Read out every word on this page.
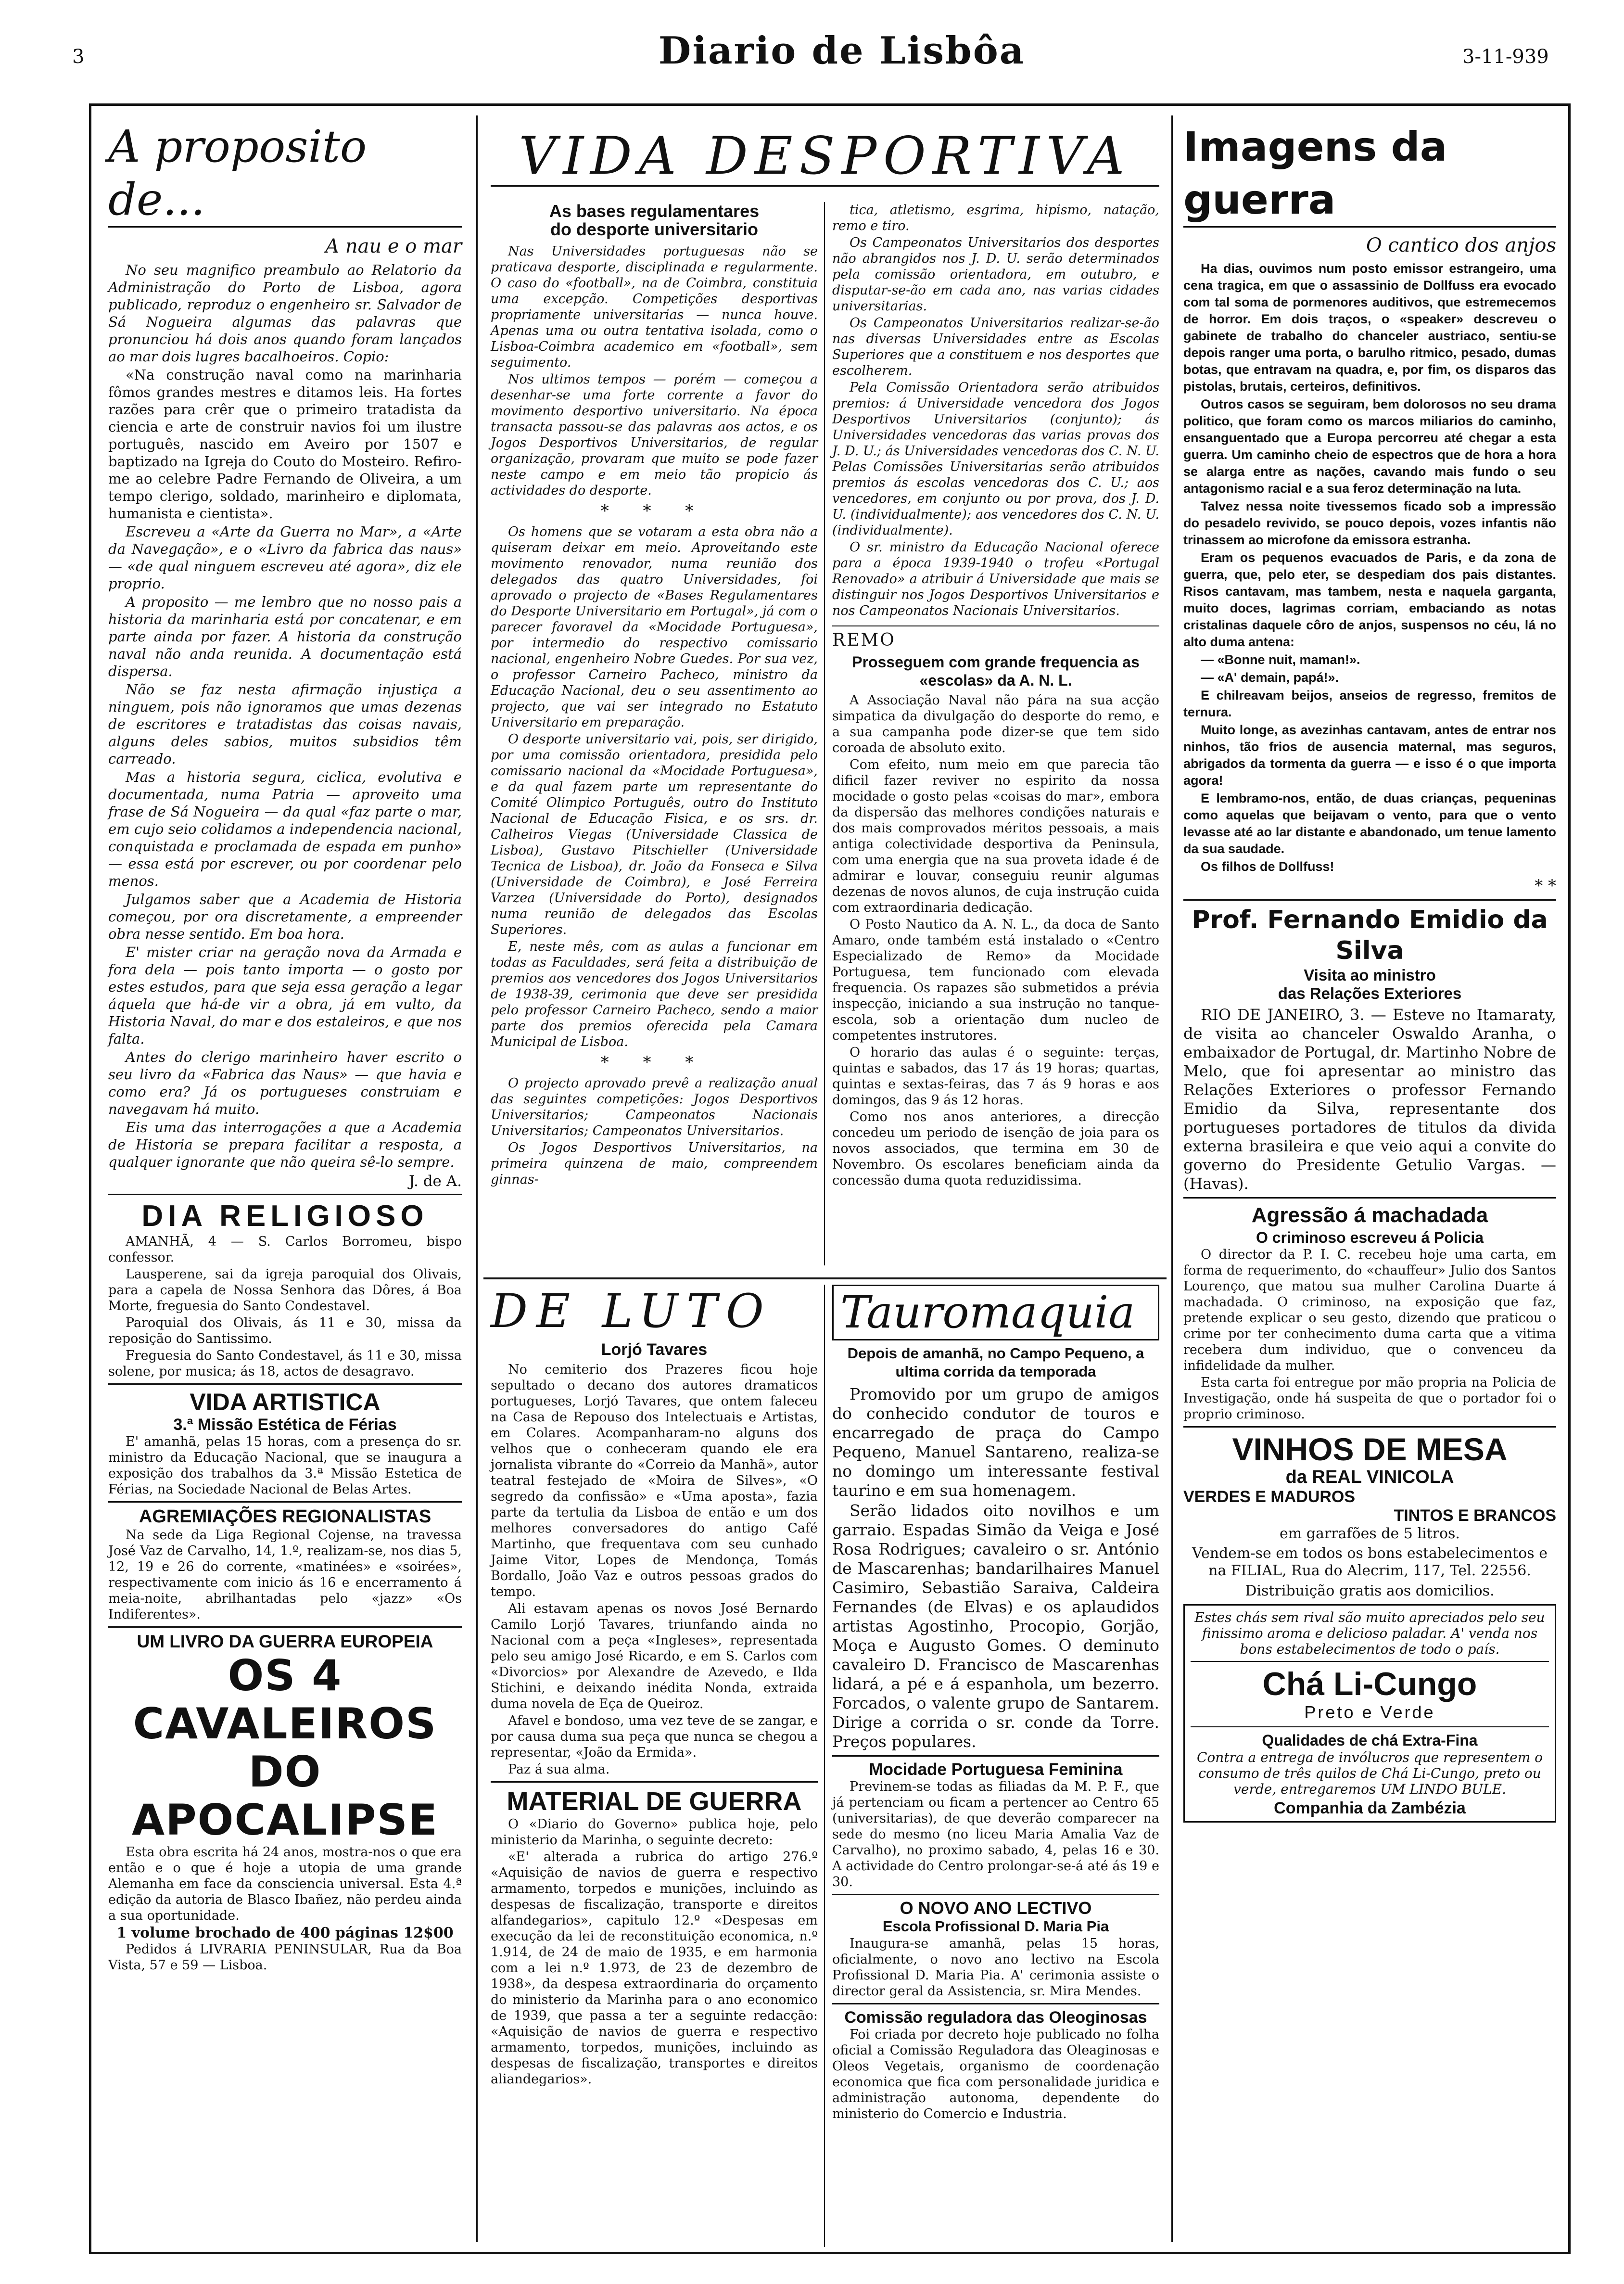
3	Diario de Lisbôa	3-11-939
A proposito de...
A nau e o mar

No seu magnifico preambulo ao Relatorio da Administração do Porto de Lisboa, agora publicado, reproduz o engenheiro sr. Salvador de Sá Nogueira algumas das palavras que pronunciou há dois anos quando foram lançados ao mar dois lugres bacalhoeiros. Copio:

«Na construção naval como na marinharia fômos grandes mestres e ditamos leis. Ha fortes razões para crêr que o primeiro tratadista da ciencia e arte de construir navios foi um ilustre português, nascido em Aveiro por 1507 e baptizado na Igreja do Couto do Mosteiro. Refiro-me ao celebre Padre Fernando de Oliveira, a um tempo clerigo, soldado, marinheiro e diplomata, humanista e cientista».

Escreveu a «Arte da Guerra no Mar», a «Arte da Navegação», e o «Livro da fabrica das naus» — «de qual ninguem escreveu até agora», diz ele proprio.

A proposito — me lembro que no nosso pais a historia da marinharia está por concatenar, e em parte ainda por fazer. A historia da construção naval não anda reunida. A documentação está dispersa.

Não se faz nesta afirmação injustiça a ninguem, pois não ignoramos que umas dezenas de escritores e tratadistas das coisas navais, alguns deles sabios, muitos subsidios têm carreado.

Mas a historia segura, ciclica, evolutiva e documentada, numa Patria — aproveito uma frase de Sá Nogueira — da qual «faz parte o mar, em cujo seio colidamos a independencia nacional, conquistada e proclamada de espada em punho» — essa está por escrever, ou por coordenar pelo menos.

Julgamos saber que a Academia de Historia começou, por ora discretamente, a empreender obra nesse sentido. Em boa hora.

E' mister criar na geração nova da Armada e fora dela — pois tanto importa — o gosto por estes estudos, para que seja essa geração a legar áquela que há-de vir a obra, já em vulto, da Historia Naval, do mar e dos estaleiros, e que nos falta.

Antes do clerigo marinheiro haver escrito o seu livro da «Fabrica das Naus» — que havia e como era? Já os portugueses construiam e navegavam há muito.

Eis uma das interrogações a que a Academia de Historia se prepara facilitar a resposta, a qualquer ignorante que não queira sê-lo sempre.

J. de A.
DIA RELIGIOSO

AMANHÃ, 4 — S. Carlos Borromeu, bispo confessor.

Lausperene, sai da igreja paroquial dos Olivais, para a capela de Nossa Senhora das Dôres, á Boa Morte, freguesia do Santo Condestavel.

Paroquial dos Olivais, ás 11 e 30, missa da reposição do Santissimo.

Freguesia do Santo Condestavel, ás 11 e 30, missa solene, por musica; ás 18, actos de desagravo.

VIDA ARTISTICA
3.ª Missão Estética de Férias

E' amanhã, pelas 15 horas, com a presença do sr. ministro da Educação Nacional, que se inaugura a exposição dos trabalhos da 3.ª Missão Estetica de Férias, na Sociedade Nacional de Belas Artes.

AGREMIAÇÕES REGIONALISTAS

Na sede da Liga Regional Cojense, na travessa José Vaz de Carvalho, 14, 1.º, realizam-se, nos dias 5, 12, 19 e 26 do corrente, «matinées» e «soirées», respectivamente com inicio ás 16 e encerramento á meia-noite, abrilhantadas pelo «jazz» «Os Indiferentes».

UM LIVRO DA GUERRA EUROPEIA
OS 4 CAVALEIROS
DO APOCALIPSE

Esta obra escrita há 24 anos, mostra-nos o que era então e o que é hoje a utopia de uma grande Alemanha em face da consciencia universal. Esta 4.ª edição da autoria de Blasco Ibañez, não perdeu ainda a sua oportunidade.

1 volume brochado de 400 páginas 12$00

Pedidos á LIVRARIA PENINSULAR, Rua da Boa Vista, 57 e 59 — Lisboa.

VIDA DESPORTIVA
As bases regulamentares
do desporte universitario

Nas Universidades portuguesas não se praticava desporte, disciplinada e regularmente. O caso do «football», na de Coimbra, constituia uma excepção. Competições desportivas propriamente universitarias — nunca houve. Apenas uma ou outra tentativa isolada, como o Lisboa-Coimbra academico em «football», sem seguimento.

Nos ultimos tempos — porém — começou a desenhar-se uma forte corrente a favor do movimento desportivo universitario. Na época transacta passou-se das palavras aos actos, e os Jogos Desportivos Universitarios, de regular organização, provaram que muito se pode fazer neste campo e em meio tão propicio ás actividades do desporte.

* * *

Os homens que se votaram a esta obra não a quiseram deixar em meio. Aproveitando este movimento renovador, numa reunião dos delegados das quatro Universidades, foi aprovado o projecto de «Bases Regulamentares do Desporte Universitario em Portugal», já com o parecer favoravel da «Mocidade Portuguesa», por intermedio do respectivo comissario nacional, engenheiro Nobre Guedes. Por sua vez, o professor Carneiro Pacheco, ministro da Educação Nacional, deu o seu assentimento ao projecto, que vai ser integrado no Estatuto Universitario em preparação.

O desporte universitario vai, pois, ser dirigido, por uma comissão orientadora, presidida pelo comissario nacional da «Mocidade Portuguesa», e da qual fazem parte um representante do Comité Olimpico Português, outro do Instituto Nacional de Educação Fisica, e os srs. dr. Calheiros Viegas (Universidade Classica de Lisboa), Gustavo Pitschieller (Universidade Tecnica de Lisboa), dr. João da Fonseca e Silva (Universidade de Coimbra), e José Ferreira Varzea (Universidade do Porto), designados numa reunião de delegados das Escolas Superiores.

E, neste mês, com as aulas a funcionar em todas as Faculdades, será feita a distribuição de premios aos vencedores dos Jogos Universitarios de 1938-39, cerimonia que deve ser presidida pelo professor Carneiro Pacheco, sendo a maior parte dos premios oferecida pela Camara Municipal de Lisboa.

* * *

O projecto aprovado prevê a realização anual das seguintes competições: Jogos Desportivos Universitarios; Campeonatos Nacionais Universitarios; Campeonatos Universitarios.

Os Jogos Desportivos Universitarios, na primeira quinzena de maio, compreendem ginnas-

tica, atletismo, esgrima, hipismo, natação, remo e tiro.

Os Campeonatos Universitarios dos desportes não abrangidos nos J. D. U. serão determinados pela comissão orientadora, em outubro, e disputar-se-ão em cada ano, nas varias cidades universitarias.

Os Campeonatos Universitarios realizar-se-ão nas diversas Universidades entre as Escolas Superiores que a constituem e nos desportes que escolherem.

Pela Comissão Orientadora serão atribuidos premios: á Universidade vencedora dos Jogos Desportivos Universitarios (conjunto); ás Universidades vencedoras das varias provas dos J. D. U.; ás Universidades vencedoras dos C. N. U. Pelas Comissões Universitarias serão atribuidos premios ás escolas vencedoras dos C. U.; aos vencedores, em conjunto ou por prova, dos J. D. U. (individualmente); aos vencedores dos C. N. U. (individualmente).

O sr. ministro da Educação Nacional oferece para a época 1939-1940 o trofeu «Portugal Renovado» a atribuir á Universidade que mais se distinguir nos Jogos Desportivos Universitarios e nos Campeonatos Nacionais Universitarios.

REMO
Prosseguem com grande frequencia as «escolas» da A. N. L.

A Associação Naval não pára na sua acção simpatica da divulgação do desporte do remo, e a sua campanha pode dizer-se que tem sido coroada de absoluto exito.

Com efeito, num meio em que parecia tão dificil fazer reviver no espirito da nossa mocidade o gosto pelas «coisas do mar», embora da dispersão das melhores condições naturais e dos mais comprovados méritos pessoais, a mais antiga colectividade desportiva da Peninsula, com uma energia que na sua proveta idade é de admirar e louvar, conseguiu reunir algumas dezenas de novos alunos, de cuja instrução cuida com extraordinaria dedicação.

O Posto Nautico da A. N. L., da doca de Santo Amaro, onde também está instalado o «Centro Especializado de Remo» da Mocidade Portuguesa, tem funcionado com elevada frequencia. Os rapazes são submetidos a prévia inspecção, iniciando a sua instrução no tanque-escola, sob a orientação dum nucleo de competentes instrutores.

O horario das aulas é o seguinte: terças, quintas e sabados, das 17 ás 19 horas; quartas, quintas e sextas-feiras, das 7 ás 9 horas e aos domingos, das 9 ás 12 horas.

Como nos anos anteriores, a direcção concedeu um periodo de isenção de joia para os novos associados, que termina em 30 de Novembro. Os escolares beneficiam ainda da concessão duma quota reduzidissima.

DE LUTO
Lorjó Tavares

No cemiterio dos Prazeres ficou hoje sepultado o decano dos autores dramaticos portugueses, Lorjó Tavares, que ontem faleceu na Casa de Repouso dos Intelectuais e Artistas, em Colares. Acompanharam-no alguns dos velhos que o conheceram quando ele era jornalista vibrante do «Correio da Manhã», autor teatral festejado de «Moira de Silves», «O segredo da confissão» e «Uma aposta», fazia parte da tertulia da Lisboa de então e um dos melhores conversadores do antigo Café Martinho, que frequentava com seu cunhado Jaime Vitor, Lopes de Mendonça, Tomás Bordallo, João Vaz e outros pessoas grados do tempo.

Ali estavam apenas os novos José Bernardo Camilo Lorjó Tavares, triunfando ainda no Nacional com a peça «Ingleses», representada pelo seu amigo José Ricardo, e em S. Carlos com «Divorcios» por Alexandre de Azevedo, e Ilda Stichini, e deixando inédita Nonda, extraida duma novela de Eça de Queiroz.

Afavel e bondoso, uma vez teve de se zangar, e por causa duma sua peça que nunca se chegou a representar, «João da Ermida».

Paz á sua alma.

MATERIAL DE GUERRA

O «Diario do Governo» publica hoje, pelo ministerio da Marinha, o seguinte decreto:

«E' alterada a rubrica do artigo 276.º «Aquisição de navios de guerra e respectivo armamento, torpedos e munições, incluindo as despesas de fiscalização, transporte e direitos alfandegarios», capitulo 12.º «Despesas em execução da lei de reconstituição economica, n.º 1.914, de 24 de maio de 1935, e em harmonia com a lei n.º 1.973, de 23 de dezembro de 1938», da despesa extraordinaria do orçamento do ministerio da Marinha para o ano economico de 1939, que passa a ter a seguinte redacção: «Aquisição de navios de guerra e respectivo armamento, torpedos, munições, incluindo as despesas de fiscalização, transportes e direitos aliandegarios».

Tauromaquia
Depois de amanhã, no Campo Pequeno, a ultima corrida da temporada

Promovido por um grupo de amigos do conhecido condutor de touros e encarregado de praça do Campo Pequeno, Manuel Santareno, realiza-se no domingo um interessante festival taurino e em sua homenagem.

Serão lidados oito novilhos e um garraio. Espadas Simão da Veiga e José Rosa Rodrigues; cavaleiro o sr. António de Mascarenhas; bandarilhaires Manuel Casimiro, Sebastião Saraiva, Caldeira Fernandes (de Elvas) e os aplaudidos artistas Agostinho, Procopio, Gorjão, Moça e Augusto Gomes. O deminuto cavaleiro D. Francisco de Mascarenhas lidará, a pé e á espanhola, um bezerro. Forcados, o valente grupo de Santarem. Dirige a corrida o sr. conde da Torre. Preços populares.

Mocidade Portuguesa Feminina

Previnem-se todas as filiadas da M. P. F., que já pertenciam ou ficam a pertencer ao Centro 65 (universitarias), de que deverão comparecer na sede do mesmo (no liceu Maria Amalia Vaz de Carvalho), no proximo sabado, 4, pelas 16 e 30. A actividade do Centro prolongar-se-á até ás 19 e 30.

O NOVO ANO LECTIVO
Escola Profissional D. Maria Pia

Inaugura-se amanhã, pelas 15 horas, oficialmente, o novo ano lectivo na Escola Profissional D. Maria Pia. A' cerimonia assiste o director geral da Assistencia, sr. Mira Mendes.

Comissão reguladora das Oleoginosas

Foi criada por decreto hoje publicado no folha oficial a Comissão Reguladora das Oleaginosas e Oleos Vegetais, organismo de coordenação economica que fica com personalidade juridica e administração autonoma, dependente do ministerio do Comercio e Industria.

Imagens da guerra
O cantico dos anjos

Ha dias, ouvimos num posto emissor estrangeiro, uma cena tragica, em que o assassinio de Dollfuss era evocado com tal soma de pormenores auditivos, que estremecemos de horror. Em dois traços, o «speaker» descreveu o gabinete de trabalho do chanceler austriaco, sentiu-se depois ranger uma porta, o barulho ritmico, pesado, dumas botas, que entravam na quadra, e, por fim, os disparos das pistolas, brutais, certeiros, definitivos.

Outros casos se seguiram, bem dolorosos no seu drama politico, que foram como os marcos miliarios do caminho, ensanguentado que a Europa percorreu até chegar a esta guerra. Um caminho cheio de espectros que de hora a hora se alarga entre as nações, cavando mais fundo o seu antagonismo racial e a sua feroz determinação na luta.

Talvez nessa noite tivessemos ficado sob a impressão do pesadelo revivido, se pouco depois, vozes infantis não trinassem ao microfone da emissora estranha.

Eram os pequenos evacuados de Paris, e da zona de guerra, que, pelo eter, se despediam dos pais distantes. Risos cantavam, mas tambem, nesta e naquela garganta, muito doces, lagrimas corriam, embaciando as notas cristalinas daquele côro de anjos, suspensos no céu, lá no alto duma antena:

— «Bonne nuit, maman!».

— «A' demain, papá!».

E chilreavam beijos, anseios de regresso, fremitos de ternura.

Muito longe, as avezinhas cantavam, antes de entrar nos ninhos, tão frios de ausencia maternal, mas seguros, abrigados da tormenta da guerra — e isso é o que importa agora!

E lembramo-nos, então, de duas crianças, pequeninas como aquelas que beijavam o vento, para que o vento levasse até ao lar distante e abandonado, um tenue lamento da sua saudade.

Os filhos de Dollfuss!

* *
Prof. Fernando Emidio da Silva
Visita ao ministro
das Relações Exteriores

RIO DE JANEIRO, 3. — Esteve no Itamaraty, de visita ao chanceler Oswaldo Aranha, o embaixador de Portugal, dr. Martinho Nobre de Melo, que foi apresentar ao ministro das Relações Exteriores o professor Fernando Emidio da Silva, representante dos portugueses portadores de titulos da divida externa brasileira e que veio aqui a convite do governo do Presidente Getulio Vargas. — (Havas).

Agressão á machadada
O criminoso escreveu á Policia

O director da P. I. C. recebeu hoje uma carta, em forma de requerimento, do «chauffeur» Julio dos Santos Lourenço, que matou sua mulher Carolina Duarte á machadada. O criminoso, na exposição que faz, pretende explicar o seu gesto, dizendo que praticou o crime por ter conhecimento duma carta que a vitima recebera dum individuo, que o convenceu da infidelidade da mulher.

Esta carta foi entregue por mão propria na Policia de Investigação, onde há suspeita de que o portador foi o proprio criminoso.

VINHOS DE MESA
da REAL VINICOLA
VERDES E MADUROS
TINTOS E BRANCOS
em garrafões de 5 litros.
Vendem-se em todos os bons estabelecimentos e na FILIAL, Rua do Alecrim, 117, Tel. 22556.
Distribuição gratis aos domicilios.
Estes chás sem rival são muito apreciados pelo seu finissimo aroma e delicioso paladar. A' venda nos bons estabelecimentos de todo o país.
Chá Li-Cungo
Preto e Verde
Qualidades de chá Extra-Fina
Contra a entrega de invólucros que representem o consumo de três quilos de Chá Li-Cungo, preto ou verde, entregaremos UM LINDO BULE.
Companhia da Zambézia
